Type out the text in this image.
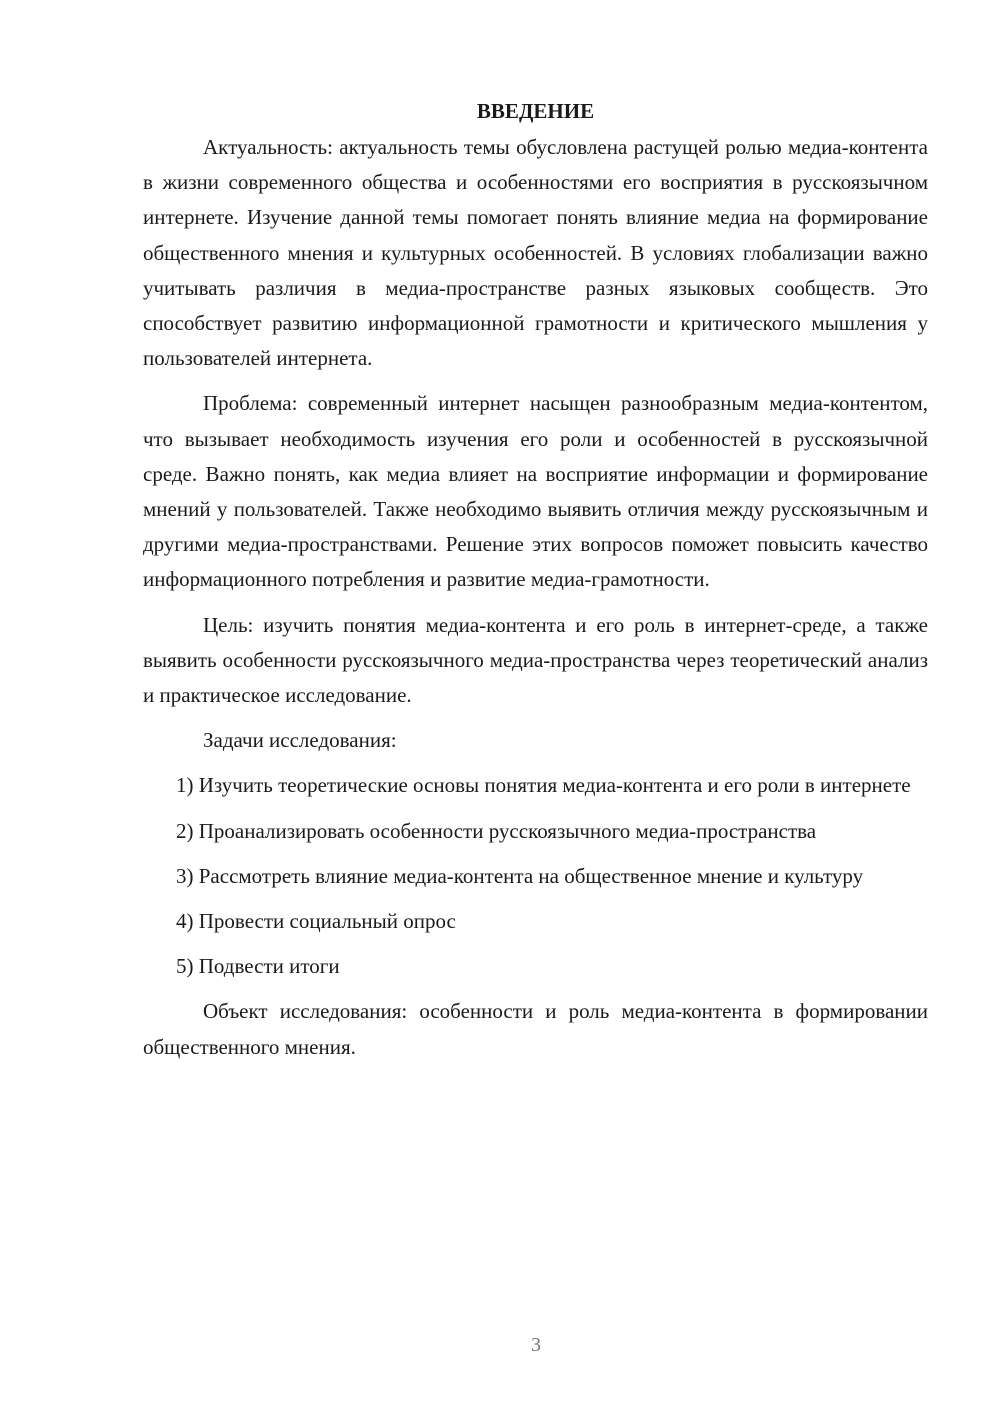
ВВЕДЕНИЕ

Актуальность: актуальность темы обусловлена растущей ролью медиа-контента в жизни современного общества и особенностями его восприятия в русскоязычном интернете. Изучение данной темы помогает понять влияние медиа на формирование общественного мнения и культурных особенностей. В условиях глобализации важно учитывать различия в медиа-пространстве разных языковых сообществ. Это способствует развитию информационной грамотности и критического мышления у пользователей интернета.

Проблема: современный интернет насыщен разнообразным медиа-контентом, что вызывает необходимость изучения его роли и особенностей в русскоязычной среде. Важно понять, как медиа влияет на восприятие информации и формирование мнений у пользователей. Также необходимо выявить отличия между русскоязычным и другими медиа-пространствами. Решение этих вопросов поможет повысить качество информационного потребления и развитие медиа-грамотности.

Цель: изучить понятия медиа-контента и его роль в интернет-среде, а также выявить особенности русскоязычного медиа-пространства через теоретический анализ и практическое исследование.

Задачи исследования:

1) Изучить теоретические основы понятия медиа-контента и его роли в интернете

2) Проанализировать особенности русскоязычного медиа-пространства

3) Рассмотреть влияние медиа-контента на общественное мнение и культуру

4) Провести социальный опрос

5) Подвести итоги

Объект исследования: особенности и роль медиа-контента в формировании общественного мнения.

3
